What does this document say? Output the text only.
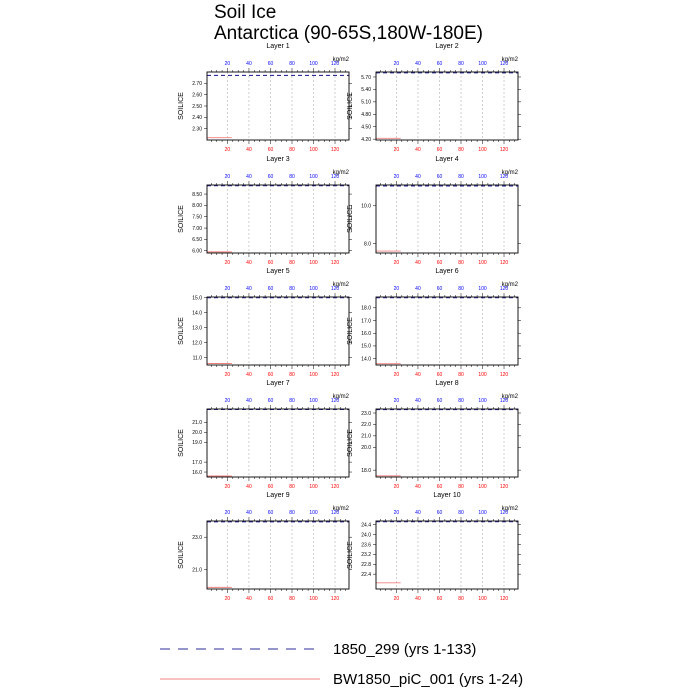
Soil Ice
Antarctica (90-65S,180W-180E)
Layer 1
kg/m2
SOILICE
20	40	60	80	100	120
20	40	60	80	100	120
2.30
2.40
2.50
2.60
2.70
Layer 2
kg/m2
SOILICE
20	40	60	80	100	120
20	40	60	80	100	120
4.20
4.50
4.80
5.10
5.40
5.70
Layer 3
kg/m2
SOILICE
20	40	60	80	100	120
20	40	60	80	100	120
6.00
6.50
7.00
7.50
8.00
8.50
Layer 4
kg/m2
SOILICE
20	40	60	80	100	120
20	40	60	80	100	120
8.0
10.0
Layer 5
kg/m2
SOILICE
20	40	60	80	100	120
20	40	60	80	100	120
11.0
12.0
13.0
14.0
15.0
Layer 6
kg/m2
SOILICE
20	40	60	80	100	120
20	40	60	80	100	120
14.0
15.0
16.0
17.0
18.0
Layer 7
kg/m2
SOILICE
20	40	60	80	100	120
20	40	60	80	100	120
16.0
17.0
19.0
20.0
21.0
Layer 8
kg/m2
SOILICE
20	40	60	80	100	120
20	40	60	80	100	120
18.0
20.0
21.0
22.0
23.0
Layer 9
kg/m2
SOILICE
20	40	60	80	100	120
20	40	60	80	100	120
21.0
23.0
Layer 10
kg/m2
SOILICE
20	40	60	80	100	120
20	40	60	80	100	120
22.4
22.8
23.2
23.6
24.0
24.4
1850_299 (yrs 1-133)
BW1850_piC_001 (yrs 1-24)
